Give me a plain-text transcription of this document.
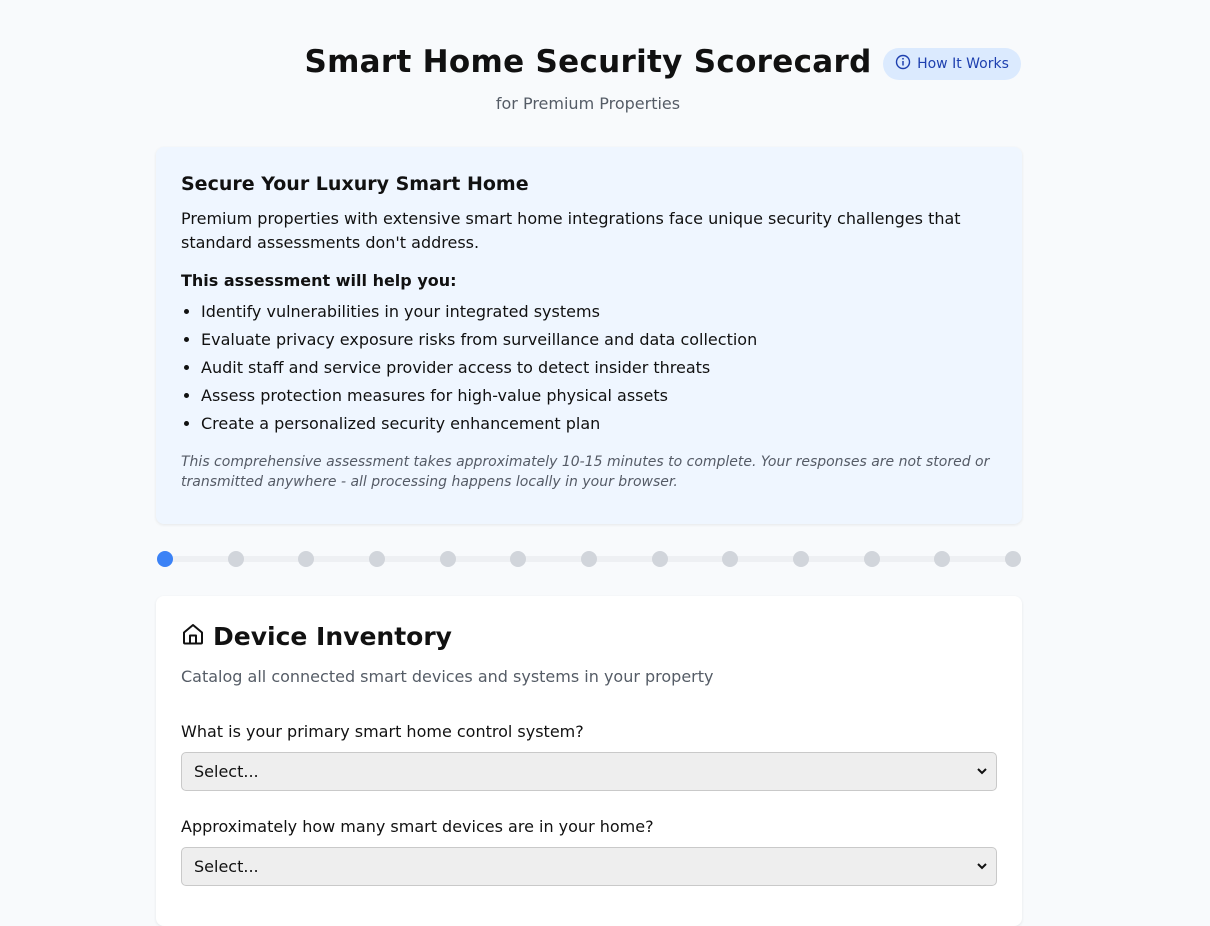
Smart Home Security Scorecard
for Premium Properties
How It Works
Secure Your Luxury Smart Home

Premium properties with extensive smart home integrations face unique security challenges that standard assessments don't address.

This assessment will help you:
• Identify vulnerabilities in your integrated systems
• Evaluate privacy exposure risks from surveillance and data collection
• Audit staff and service provider access to detect insider threats
• Assess protection measures for high-value physical assets
• Create a personalized security enhancement plan

This comprehensive assessment takes approximately 10-15 minutes to complete. Your responses are not stored or transmitted anywhere - all processing happens locally in your browser.

Device Inventory

Catalog all connected smart devices and systems in your property

What is your primary smart home control system?
Select...
Approximately how many smart devices are in your home?
Select...
